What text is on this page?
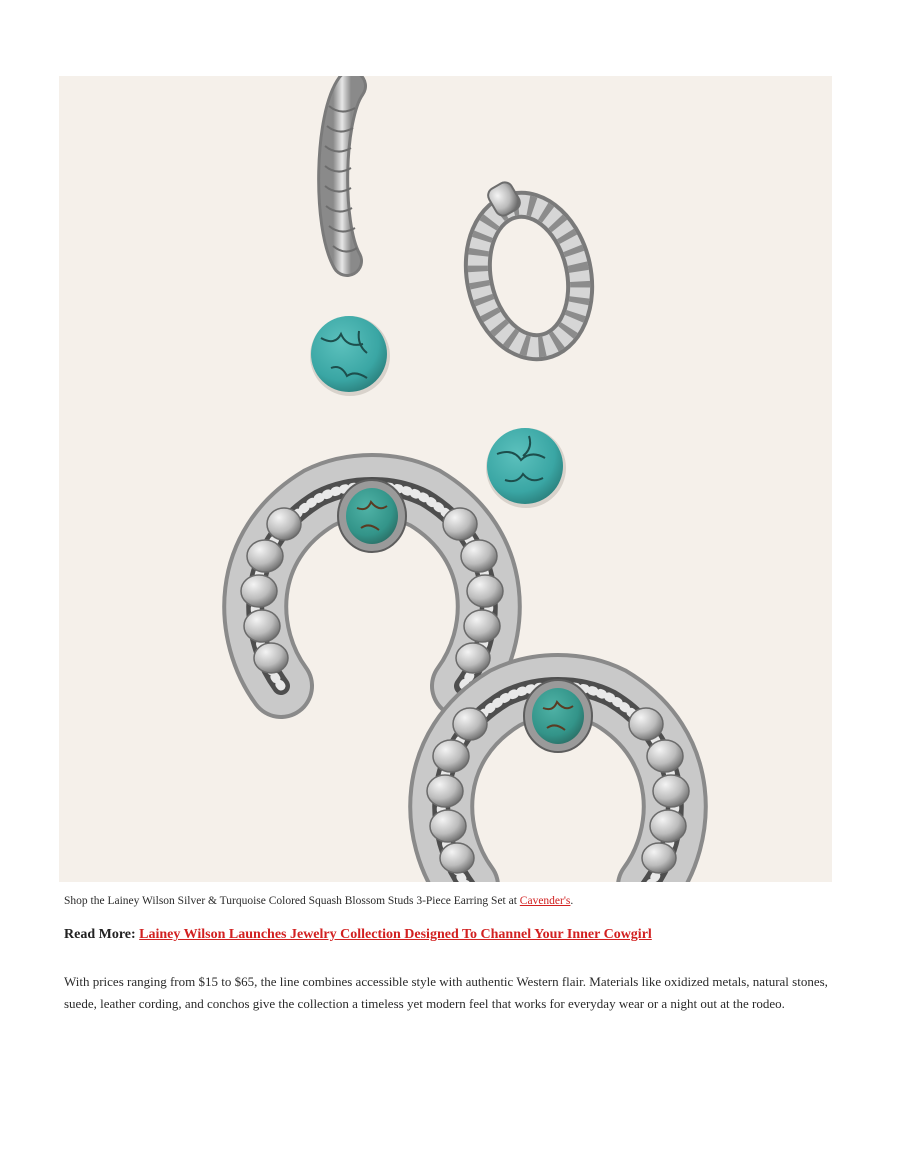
Shop the Lainey Wilson Silver & Turquoise Colored Squash Blossom Studs 3-Piece Earring Set at Cavender's.
Read More: Lainey Wilson Launches Jewelry Collection Designed To Channel Your Inner Cowgirl

With prices ranging from $15 to $65, the line combines accessible style with authentic Western flair. Materials like oxidized metals, natural stones, suede, leather cording, and conchos give the collection a timeless yet modern feel that works for everyday wear or a night out at the rodeo.
